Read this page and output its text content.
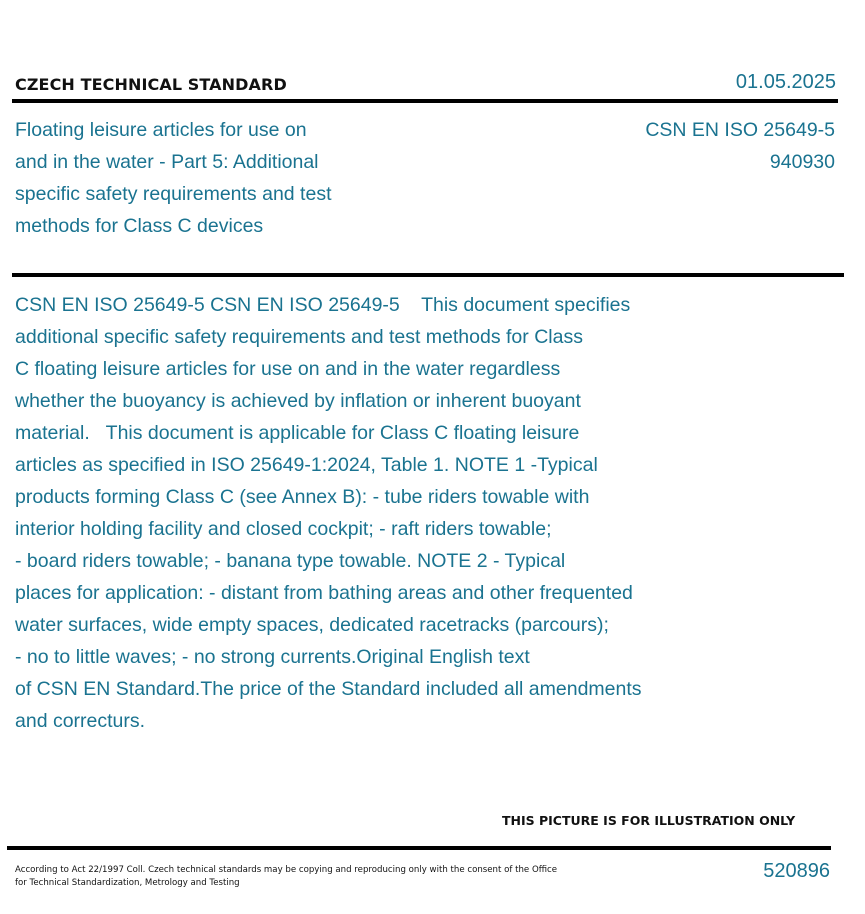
CZECH TECHNICAL STANDARD	01.05.2025
Floating leisure articles for use on
and in the water - Part 5: Additional
specific safety requirements and test
methods for Class C devices
CSN EN ISO 25649-5
940930
CSN EN ISO 25649-5 CSN EN ISO 25649-5    This document specifies
additional specific safety requirements and test methods for Class
C floating leisure articles for use on and in the water regardless
whether the buoyancy is achieved by inflation or inherent buoyant
material.   This document is applicable for Class C floating leisure
articles as specified in ISO 25649-1:2024, Table 1. NOTE 1 -Typical
products forming Class C (see Annex B): - tube riders towable with
interior holding facility and closed cockpit; - raft riders towable;
- board riders towable; - banana type towable. NOTE 2 - Typical
places for application: - distant from bathing areas and other frequented
water surfaces, wide empty spaces, dedicated racetracks (parcours);
- no to little waves; - no strong currents.Original English text
of CSN EN Standard.The price of the Standard included all amendments
and correcturs.
THIS PICTURE IS FOR ILLUSTRATION ONLY
According to Act 22/1997 Coll. Czech technical standards may be copying and reproducing only with the consent of the Office
for Technical Standardization, Metrology and Testing
520896
